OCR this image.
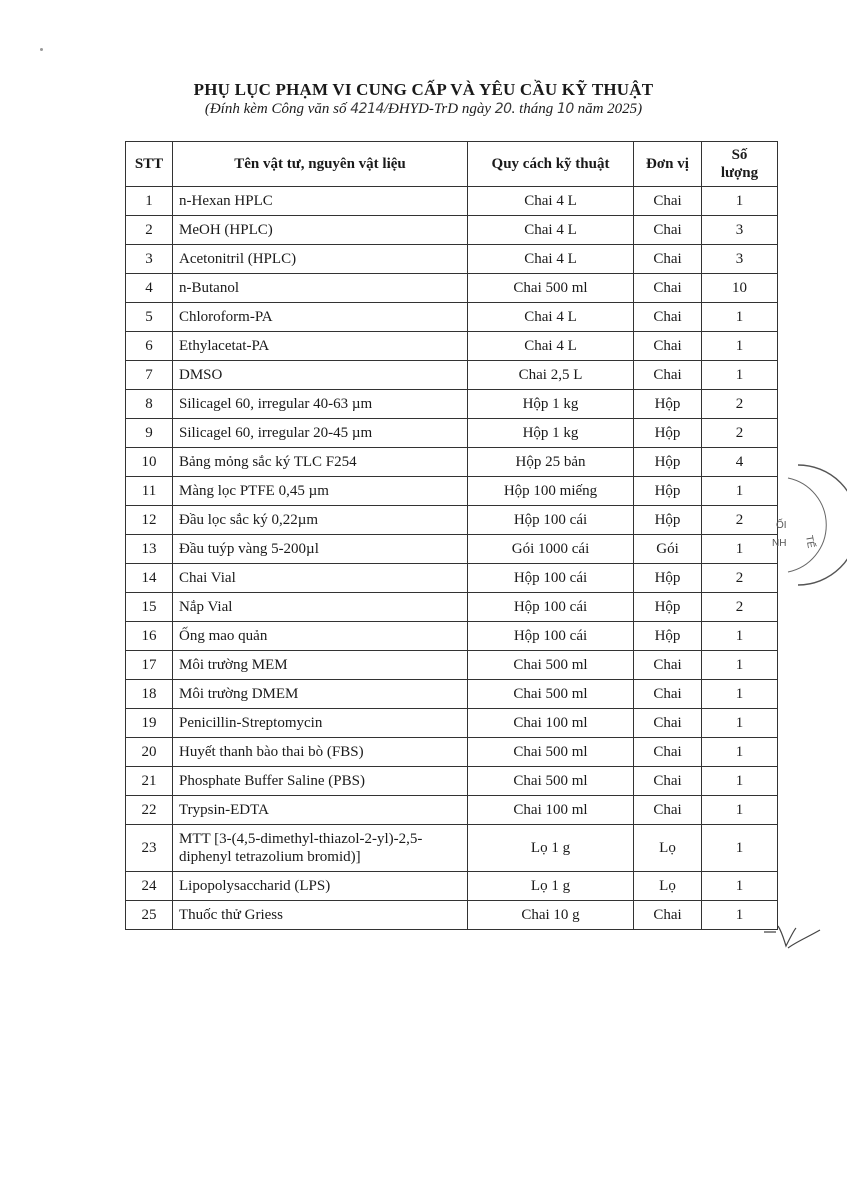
PHỤ LỤC PHẠM VI CUNG CẤP VÀ YÊU CẦU KỸ THUẬT
(Đính kèm Công văn số 4214/ĐHYD-TrD ngày 20. tháng 10 năm 2025)
STT	Tên vật tư, nguyên vật liệu	Quy cách kỹ thuật	Đơn vị	Số
lượng
1	n-Hexan HPLC	Chai 4 L	Chai	1
2	MeOH (HPLC)	Chai 4 L	Chai	3
3	Acetonitril (HPLC)	Chai 4 L	Chai	3
4	n-Butanol	Chai 500 ml	Chai	10
5	Chloroform-PA	Chai 4 L	Chai	1
6	Ethylacetat-PA	Chai 4 L	Chai	1
7	DMSO	Chai 2,5 L	Chai	1
8	Silicagel 60, irregular 40-63 µm	Hộp 1 kg	Hộp	2
9	Silicagel 60, irregular 20-45 µm	Hộp 1 kg	Hộp	2
10	Bảng mỏng sắc ký TLC F254	Hộp 25 bản	Hộp	4
11	Màng lọc PTFE 0,45 µm	Hộp 100 miếng	Hộp	1
12	Đầu lọc sắc ký 0,22µm	Hộp 100 cái	Hộp	2
13	Đầu tuýp vàng 5-200µl	Gói 1000 cái	Gói	1
14	Chai Vial	Hộp 100 cái	Hộp	2
15	Nắp Vial	Hộp 100 cái	Hộp	2
16	Ống mao quản	Hộp 100 cái	Hộp	1
17	Môi trường MEM	Chai 500 ml	Chai	1
18	Môi trường DMEM	Chai 500 ml	Chai	1
19	Penicillin-Streptomycin	Chai 100 ml	Chai	1
20	Huyết thanh bào thai bò (FBS)	Chai 500 ml	Chai	1
21	Phosphate Buffer Saline (PBS)	Chai 500 ml	Chai	1
22	Trypsin-EDTA	Chai 100 ml	Chai	1
23	MTT [3-(4,5-dimethyl-thiazol-2-yl)-2,5-diphenyl tetrazolium bromid)]	Lọ 1 g	Lọ	1
24	Lipopolysaccharid (LPS)	Lọ 1 g	Lọ	1
25	Thuốc thử Griess	Chai 10 g	Chai	1
ỐI
NH TẾ
